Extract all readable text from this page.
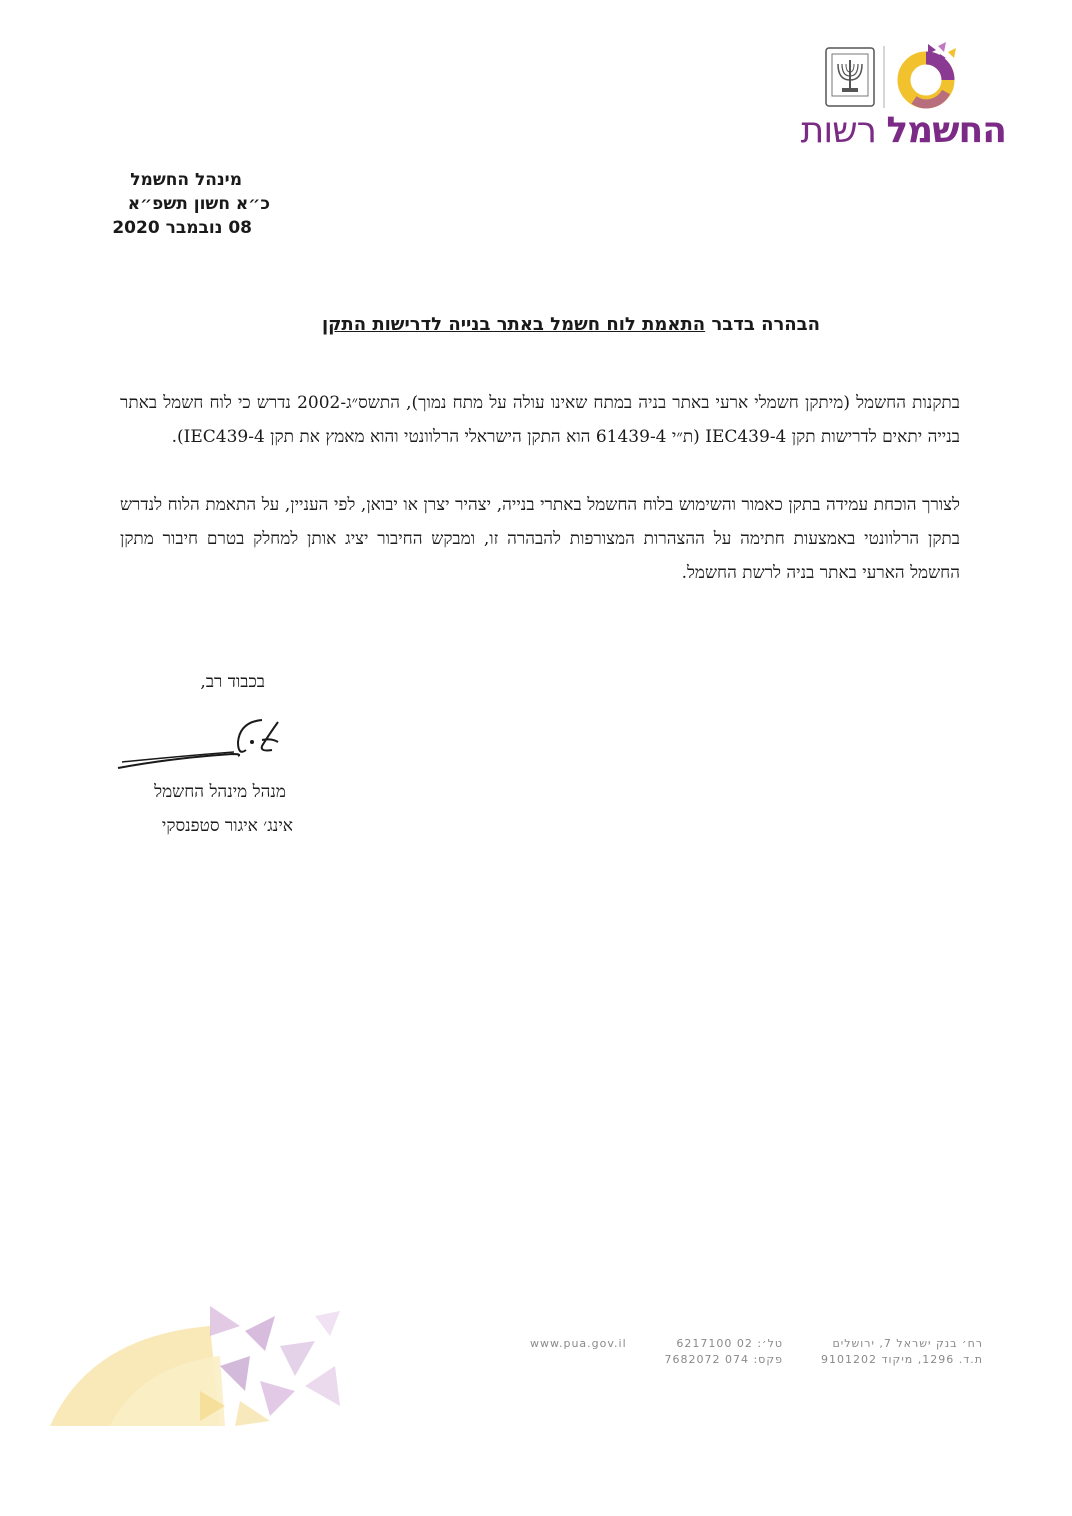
החשמל רשות
מינהל החשמל
כ״א חשון תשפ״א
08 נובמבר 2020
הבהרה בדבר התאמת לוח חשמל באתר בנייה לדרישות התקן
בתקנות החשמל (מיתקן חשמלי ארעי באתר בניה במתח שאינו עולה על מתח נמוך), התשס״ג-2002 נדרש כי לוח חשמל באתר בנייה יתאים לדרישות תקן IEC439-4 (ת״י 61439-4 הוא התקן הישראלי הרלוונטי והוא מאמץ את תקן IEC439-4).
לצורך הוכחת עמידה בתקן כאמור והשימוש בלוח החשמל באתרי בנייה, יצהיר יצרן או יבואן, לפי העניין, על התאמת הלוח לנדרש בתקן הרלוונטי באמצעות חתימה על ההצהרות המצורפות להבהרה זו, ומבקש החיבור יציג אותן למחלק בטרם חיבור מתקן החשמל הארעי באתר בניה לרשת החשמל.
בכבוד רב,
מנהל מינהל החשמל
אינג׳ איגור סטפנסקי
www.pua.gov.il	טל׳: 02 6217100
פקס: 074 7682072
רח׳ בנק ישראל 7, ירושלים
ת.ד. 1296, מיקוד 9101202
